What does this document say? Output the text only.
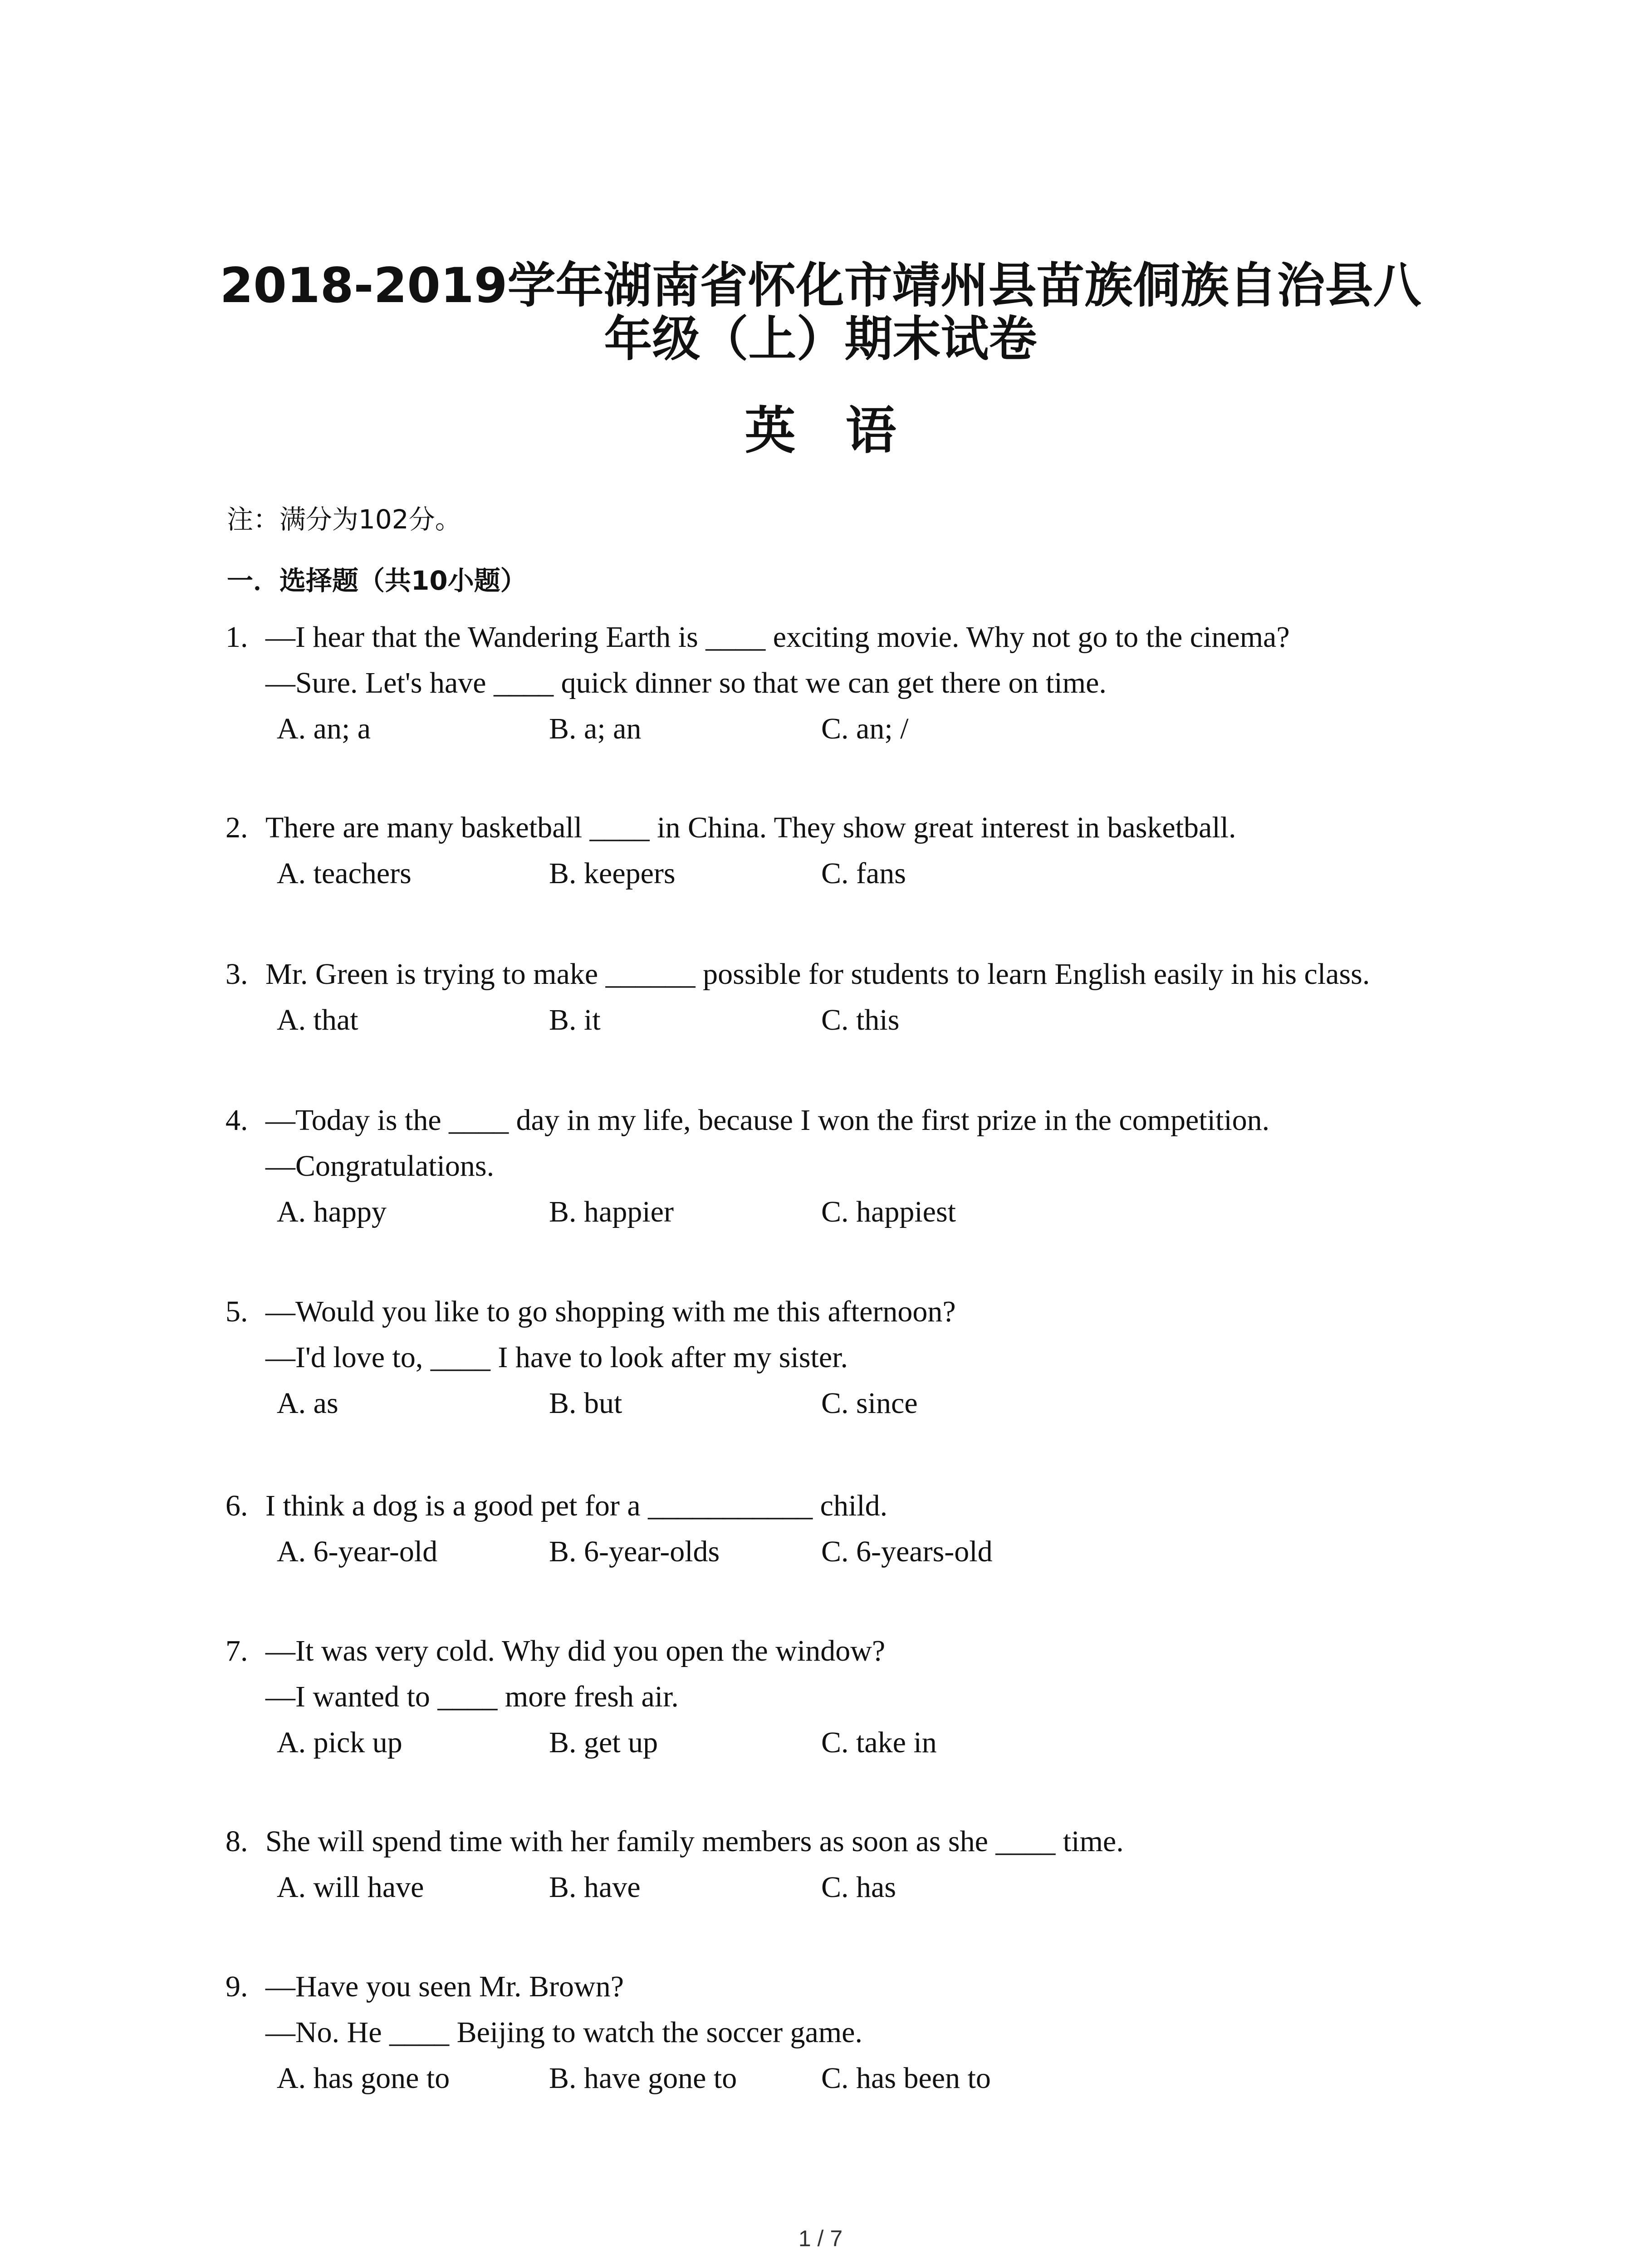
2018-2019学年湖南省怀化市靖州县苗族侗族自治县八
年级（上）期末试卷
英语
注：满分为102分。
一．选择题（共10小题）
1. —I hear that the Wandering Earth is ____ exciting movie. Why not go to the cinema?
—Sure. Let's have ____ quick dinner so that we can get there on time.
A. an; a	B. a; an	C. an; /
2. There are many basketball ____ in China. They show great interest in basketball.
A. teachers	B. keepers	C. fans
3. Mr. Green is trying to make ______ possible for students to learn English easily in his class.
A. that	B. it	C. this
4. —Today is the ____ day in my life, because I won the first prize in the competition.
—Congratulations.
A. happy	B. happier	C. happiest
5. —Would you like to go shopping with me this afternoon?
—I'd love to, ____ I have to look after my sister.
A. as	B. but	C. since
6. I think a dog is a good pet for a ___________ child.
A. 6-year-old	B. 6-year-olds	C. 6-years-old
7. —It was very cold. Why did you open the window?
—I wanted to ____ more fresh air.
A. pick up	B. get up	C. take in
8. She will spend time with her family members as soon as she ____ time.
A. will have	B. have	C. has
9. —Have you seen Mr. Brown?
—No. He ____ Beijing to watch the soccer game.
A. has gone to	B. have gone to	C. has been to
1 / 7
